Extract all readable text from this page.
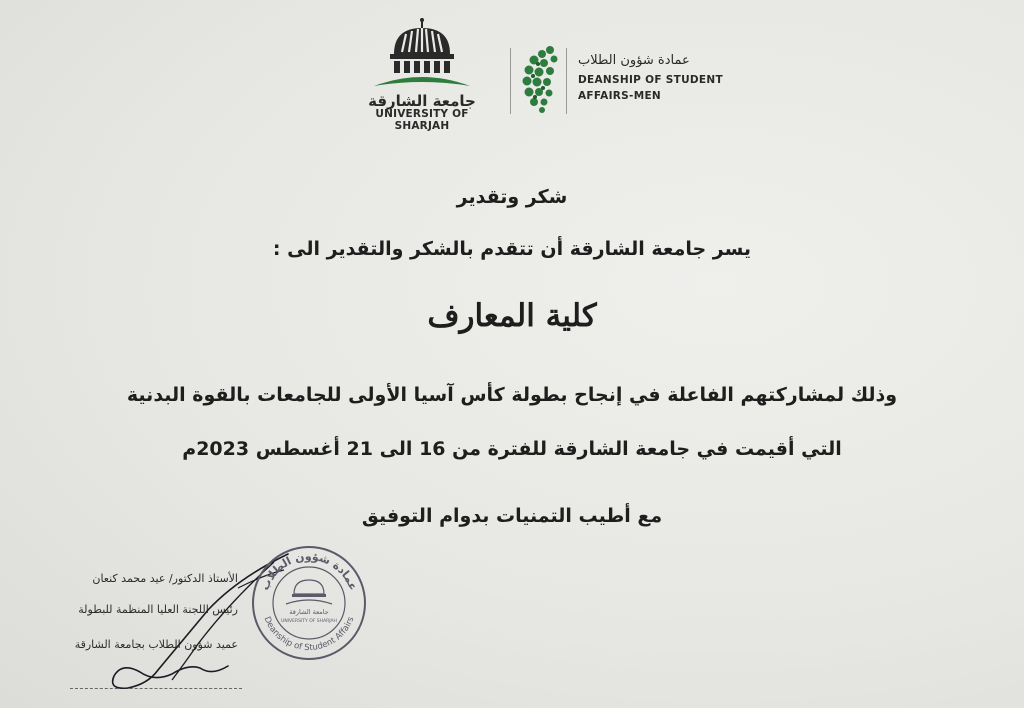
جامعة الشارقة
UNIVERSITY OF SHARJAH
عمادة شؤون الطلاب
DEANSHIP OF STUDENT
AFFAIRS-MEN
شكر وتقدير
يسر جامعة الشارقة أن تتقدم بالشكر والتقدير الى :
كلية المعارف
وذلك لمشاركتهم الفاعلة في إنجاح بطولة كأس آسيا الأولى للجامعات بالقوة البدنية
التي أقيمت في جامعة الشارقة للفترة من 16 الى 21 أغسطس 2023م
مع أطيب التمنيات بدوام التوفيق
الأستاذ الدكتور/ عيد محمد كنعان
رئيس اللجنة العليا المنظمة للبطولة
عميد شؤون الطلاب بجامعة الشارقة
عمادة شؤون الطلاب
Deanship of Student Affairs
جامعة الشارقة
UNIVERSITY OF SHARJAH
